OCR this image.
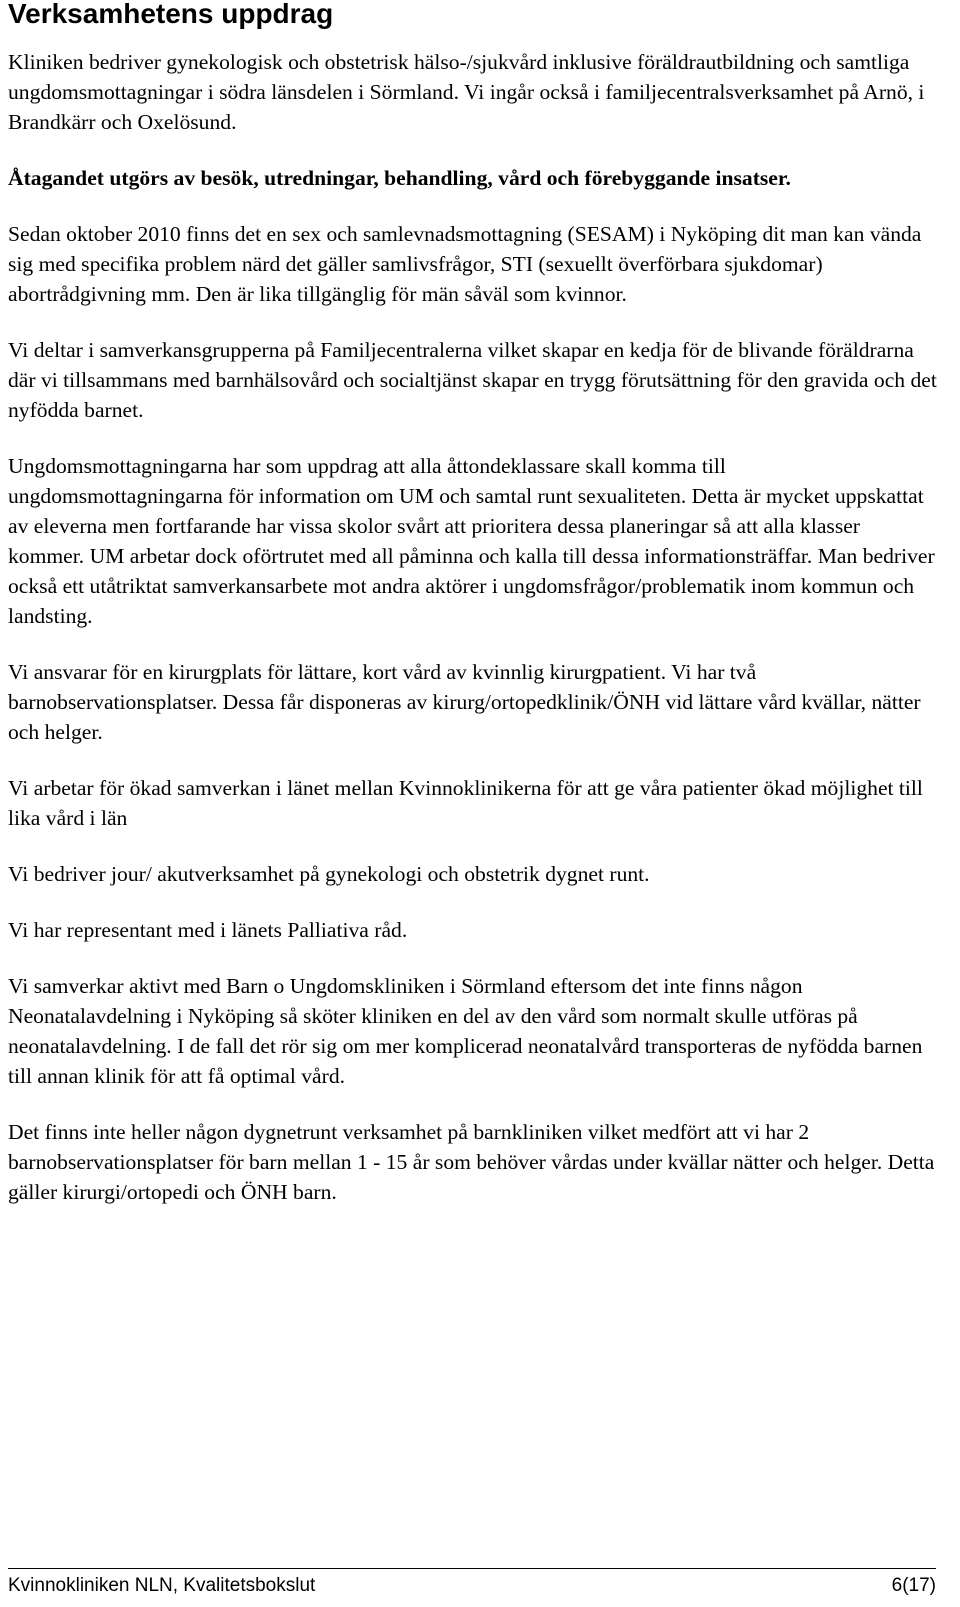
Verksamhetens uppdrag

Kliniken bedriver gynekologisk och obstetrisk hälso-/sjukvård inklusive föräldrautbildning och samtliga ungdomsmottagningar i södra länsdelen i Sörmland. Vi ingår också i familjecentralsverksamhet på Arnö, i Brandkärr och Oxelösund.

Åtagandet utgörs av besök, utredningar, behandling, vård och förebyggande insatser.

Sedan oktober 2010 finns det en sex och samlevnadsmottagning (SESAM) i Nyköping dit man kan vända sig med specifika problem närd det gäller samlivsfrågor, STI (sexuellt överförbara sjukdomar) abortrådgivning mm. Den är lika tillgänglig för män såväl som kvinnor.

Vi deltar i samverkansgrupperna på Familjecentralerna vilket skapar en kedja för de blivande föräldrarna där vi tillsammans med barnhälsovård och socialtjänst skapar en trygg förutsättning för den gravida och det nyfödda barnet.

Ungdomsmottagningarna har som uppdrag att alla åttondeklassare skall komma till ungdomsmottagningarna för information om UM och samtal runt sexualiteten. Detta är mycket uppskattat av eleverna men fortfarande har vissa skolor svårt att prioritera dessa planeringar så att alla klasser kommer. UM arbetar dock oförtrutet med all påminna och kalla till dessa informationsträffar. Man bedriver också ett utåtriktat samverkansarbete mot andra aktörer i ungdomsfrågor/problematik inom kommun och landsting.

Vi ansvarar för en kirurgplats för lättare, kort vård av kvinnlig kirurgpatient. Vi har två barnobservationsplatser. Dessa får disponeras av kirurg/ortopedklinik/ÖNH vid lättare vård kvällar, nätter och helger.

Vi arbetar för ökad samverkan i länet mellan Kvinnoklinikerna för att ge våra patienter ökad möjlighet till lika vård i län

Vi bedriver jour/ akutverksamhet på gynekologi och obstetrik dygnet runt.

Vi har representant med i länets Palliativa råd.

Vi samverkar aktivt med Barn o Ungdomskliniken i Sörmland eftersom det inte finns någon Neonatalavdelning i Nyköping så sköter kliniken en del av den vård som normalt skulle utföras på neonatalavdelning. I de fall det rör sig om mer komplicerad neonatalvård transporteras de nyfödda barnen till annan klinik för att få optimal vård.

Det finns inte heller någon dygnetrunt verksamhet på barnkliniken vilket medfört att vi har 2 barnobservationsplatser för barn mellan 1 - 15 år som behöver vårdas under kvällar nätter och helger. Detta gäller kirurgi/ortopedi och ÖNH barn.

Kvinnokliniken NLN, Kvalitetsbokslut	6(17)
